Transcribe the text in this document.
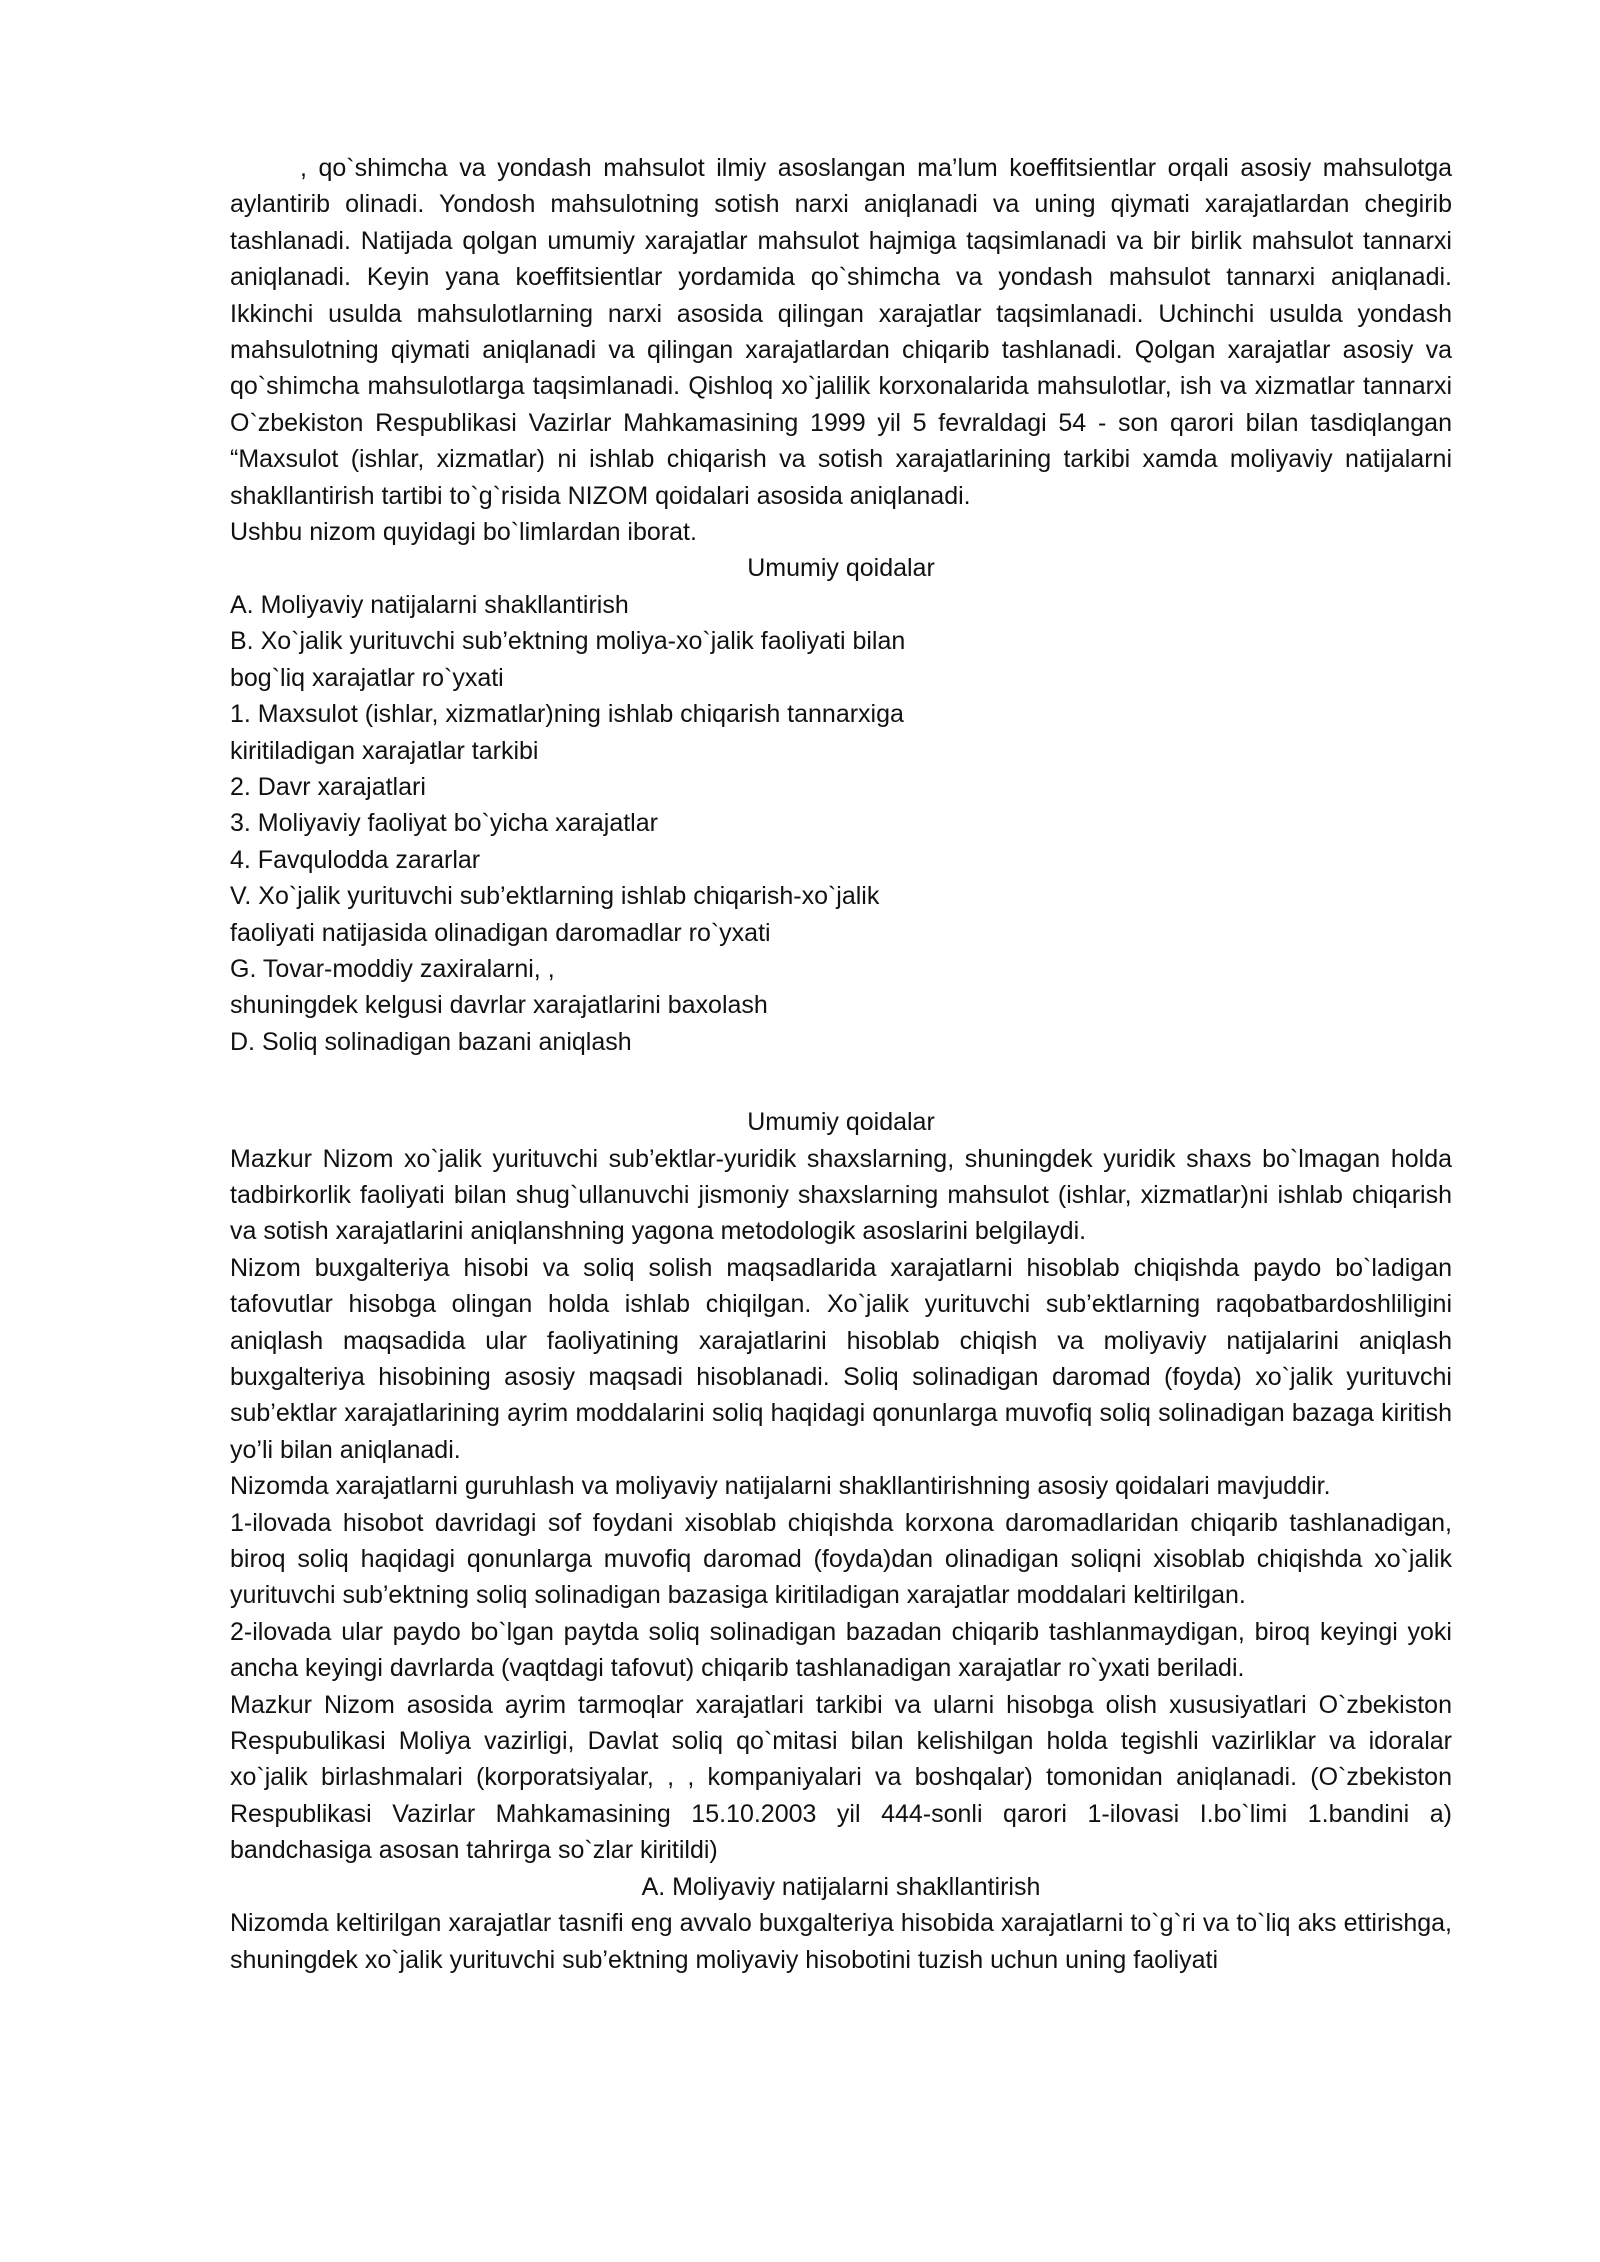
, qo`shimcha va yondash mahsulot ilmiy asoslangan ma’lum koeffitsientlar orqali asosiy mahsulotga aylantirib olinadi. Yondosh mahsulotning sotish narxi aniqlanadi va uning qiymati xarajatlardan chegirib tashlanadi. Natijada qolgan umumiy xarajatlar mahsulot hajmiga taqsimlanadi va bir birlik mahsulot tannarxi aniqlanadi. Keyin yana koeffitsientlar yordamida qo`shimcha va yondash mahsulot tannarxi aniqlanadi. Ikkinchi usulda mahsulotlarning narxi asosida qilingan xarajatlar taqsimlanadi. Uchinchi usulda yondash mahsulotning qiymati aniqlanadi va qilingan xarajatlardan chiqarib tashlanadi. Qolgan xarajatlar asosiy va qo`shimcha mahsulotlarga taqsimlanadi. Qishloq xo`jalilik korxonalarida mahsulotlar, ish va xizmatlar tannarxi O`zbekiston Respublikasi Vazirlar Mahkamasining 1999 yil 5 fevraldagi 54 - son qarori bilan tasdiqlangan “Maxsulot (ishlar, xizmatlar) ni ishlab chiqarish va sotish xarajatlarining tarkibi xamda moliyaviy natijalarni shakllantirish tartibi to`g`risida NIZOM qoidalari asosida aniqlanadi.

Ushbu nizom quyidagi bo`limlardan iborat.

Umumiy qoidalar

A. Moliyaviy natijalarni shakllantirish
B. Xo`jalik yurituvchi sub’ektning moliya-xo`jalik faoliyati bilan
bog`liq xarajatlar ro`yxati
1. Maxsulot (ishlar, xizmatlar)ning ishlab chiqarish tannarxiga
kiritiladigan xarajatlar tarkibi
2. Davr xarajatlari
3. Moliyaviy faoliyat bo`yicha xarajatlar
4. Favqulodda zararlar
V. Xo`jalik yurituvchi sub’ektlarning ishlab chiqarish-xo`jalik
faoliyati natijasida olinadigan daromadlar ro`yxati
G. Tovar-moddiy zaxiralarni, ,
shuningdek kelgusi davrlar xarajatlarini baxolash
D. Soliq solinadigan bazani aniqlash

Umumiy qoidalar

Mazkur Nizom xo`jalik yurituvchi sub’ektlar-yuridik shaxslarning, shuningdek yuridik shaxs bo`lmagan holda tadbirkorlik faoliyati bilan shug`ullanuvchi jismoniy shaxslarning mahsulot (ishlar, xizmatlar)ni ishlab chiqarish va sotish xarajatlarini aniqlanshning yagona metodologik asoslarini belgilaydi.

Nizom buxgalteriya hisobi va soliq solish maqsadlarida xarajatlarni hisoblab chiqishda paydo bo`ladigan tafovutlar hisobga olingan holda ishlab chiqilgan. Xo`jalik yurituvchi sub’ektlarning raqobatbardoshliligini aniqlash maqsadida ular faoliyatining xarajatlarini hisoblab chiqish va moliyaviy natijalarini aniqlash buxgalteriya hisobining asosiy maqsadi hisoblanadi. Soliq solinadigan daromad (foyda) xo`jalik yurituvchi sub’ektlar xarajatlarining ayrim moddalarini soliq haqidagi qonunlarga muvofiq soliq solinadigan bazaga kiritish yo’li bilan aniqlanadi.

Nizomda xarajatlarni guruhlash va moliyaviy natijalarni shakllantirishning asosiy qoidalari mavjuddir.

1-ilovada hisobot davridagi sof foydani xisoblab chiqishda korxona daromadlaridan chiqarib tashlanadigan, biroq soliq haqidagi qonunlarga muvofiq daromad (foyda)dan olinadigan soliqni xisoblab chiqishda xo`jalik yurituvchi sub’ektning soliq solinadigan bazasiga kiritiladigan xarajatlar moddalari keltirilgan.

2-ilovada ular paydo bo`lgan paytda soliq solinadigan bazadan chiqarib tashlanmaydigan, biroq keyingi yoki ancha keyingi davrlarda (vaqtdagi tafovut) chiqarib tashlanadigan xarajatlar ro`yxati beriladi.

Mazkur Nizom asosida ayrim tarmoqlar xarajatlari tarkibi va ularni hisobga olish xususiyatlari O`zbekiston Respubulikasi Moliya vazirligi, Davlat soliq qo`mitasi bilan kelishilgan holda tegishli vazirliklar va idoralar xo`jalik birlashmalari (korporatsiyalar, , , kompaniyalari va boshqalar) tomonidan aniqlanadi. (O`zbekiston Respublikasi Vazirlar Mahkamasining 15.10.2003 yil 444-sonli qarori 1-ilovasi I.bo`limi 1.bandini a) bandchasiga asosan tahrirga so`zlar kiritildi)

A. Moliyaviy natijalarni shakllantirish

Nizomda keltirilgan xarajatlar tasnifi eng avvalo buxgalteriya hisobida xarajatlarni to`g`ri va to`liq aks ettirishga, shuningdek xo`jalik yurituvchi sub’ektning moliyaviy hisobotini tuzish uchun uning faoliyati
